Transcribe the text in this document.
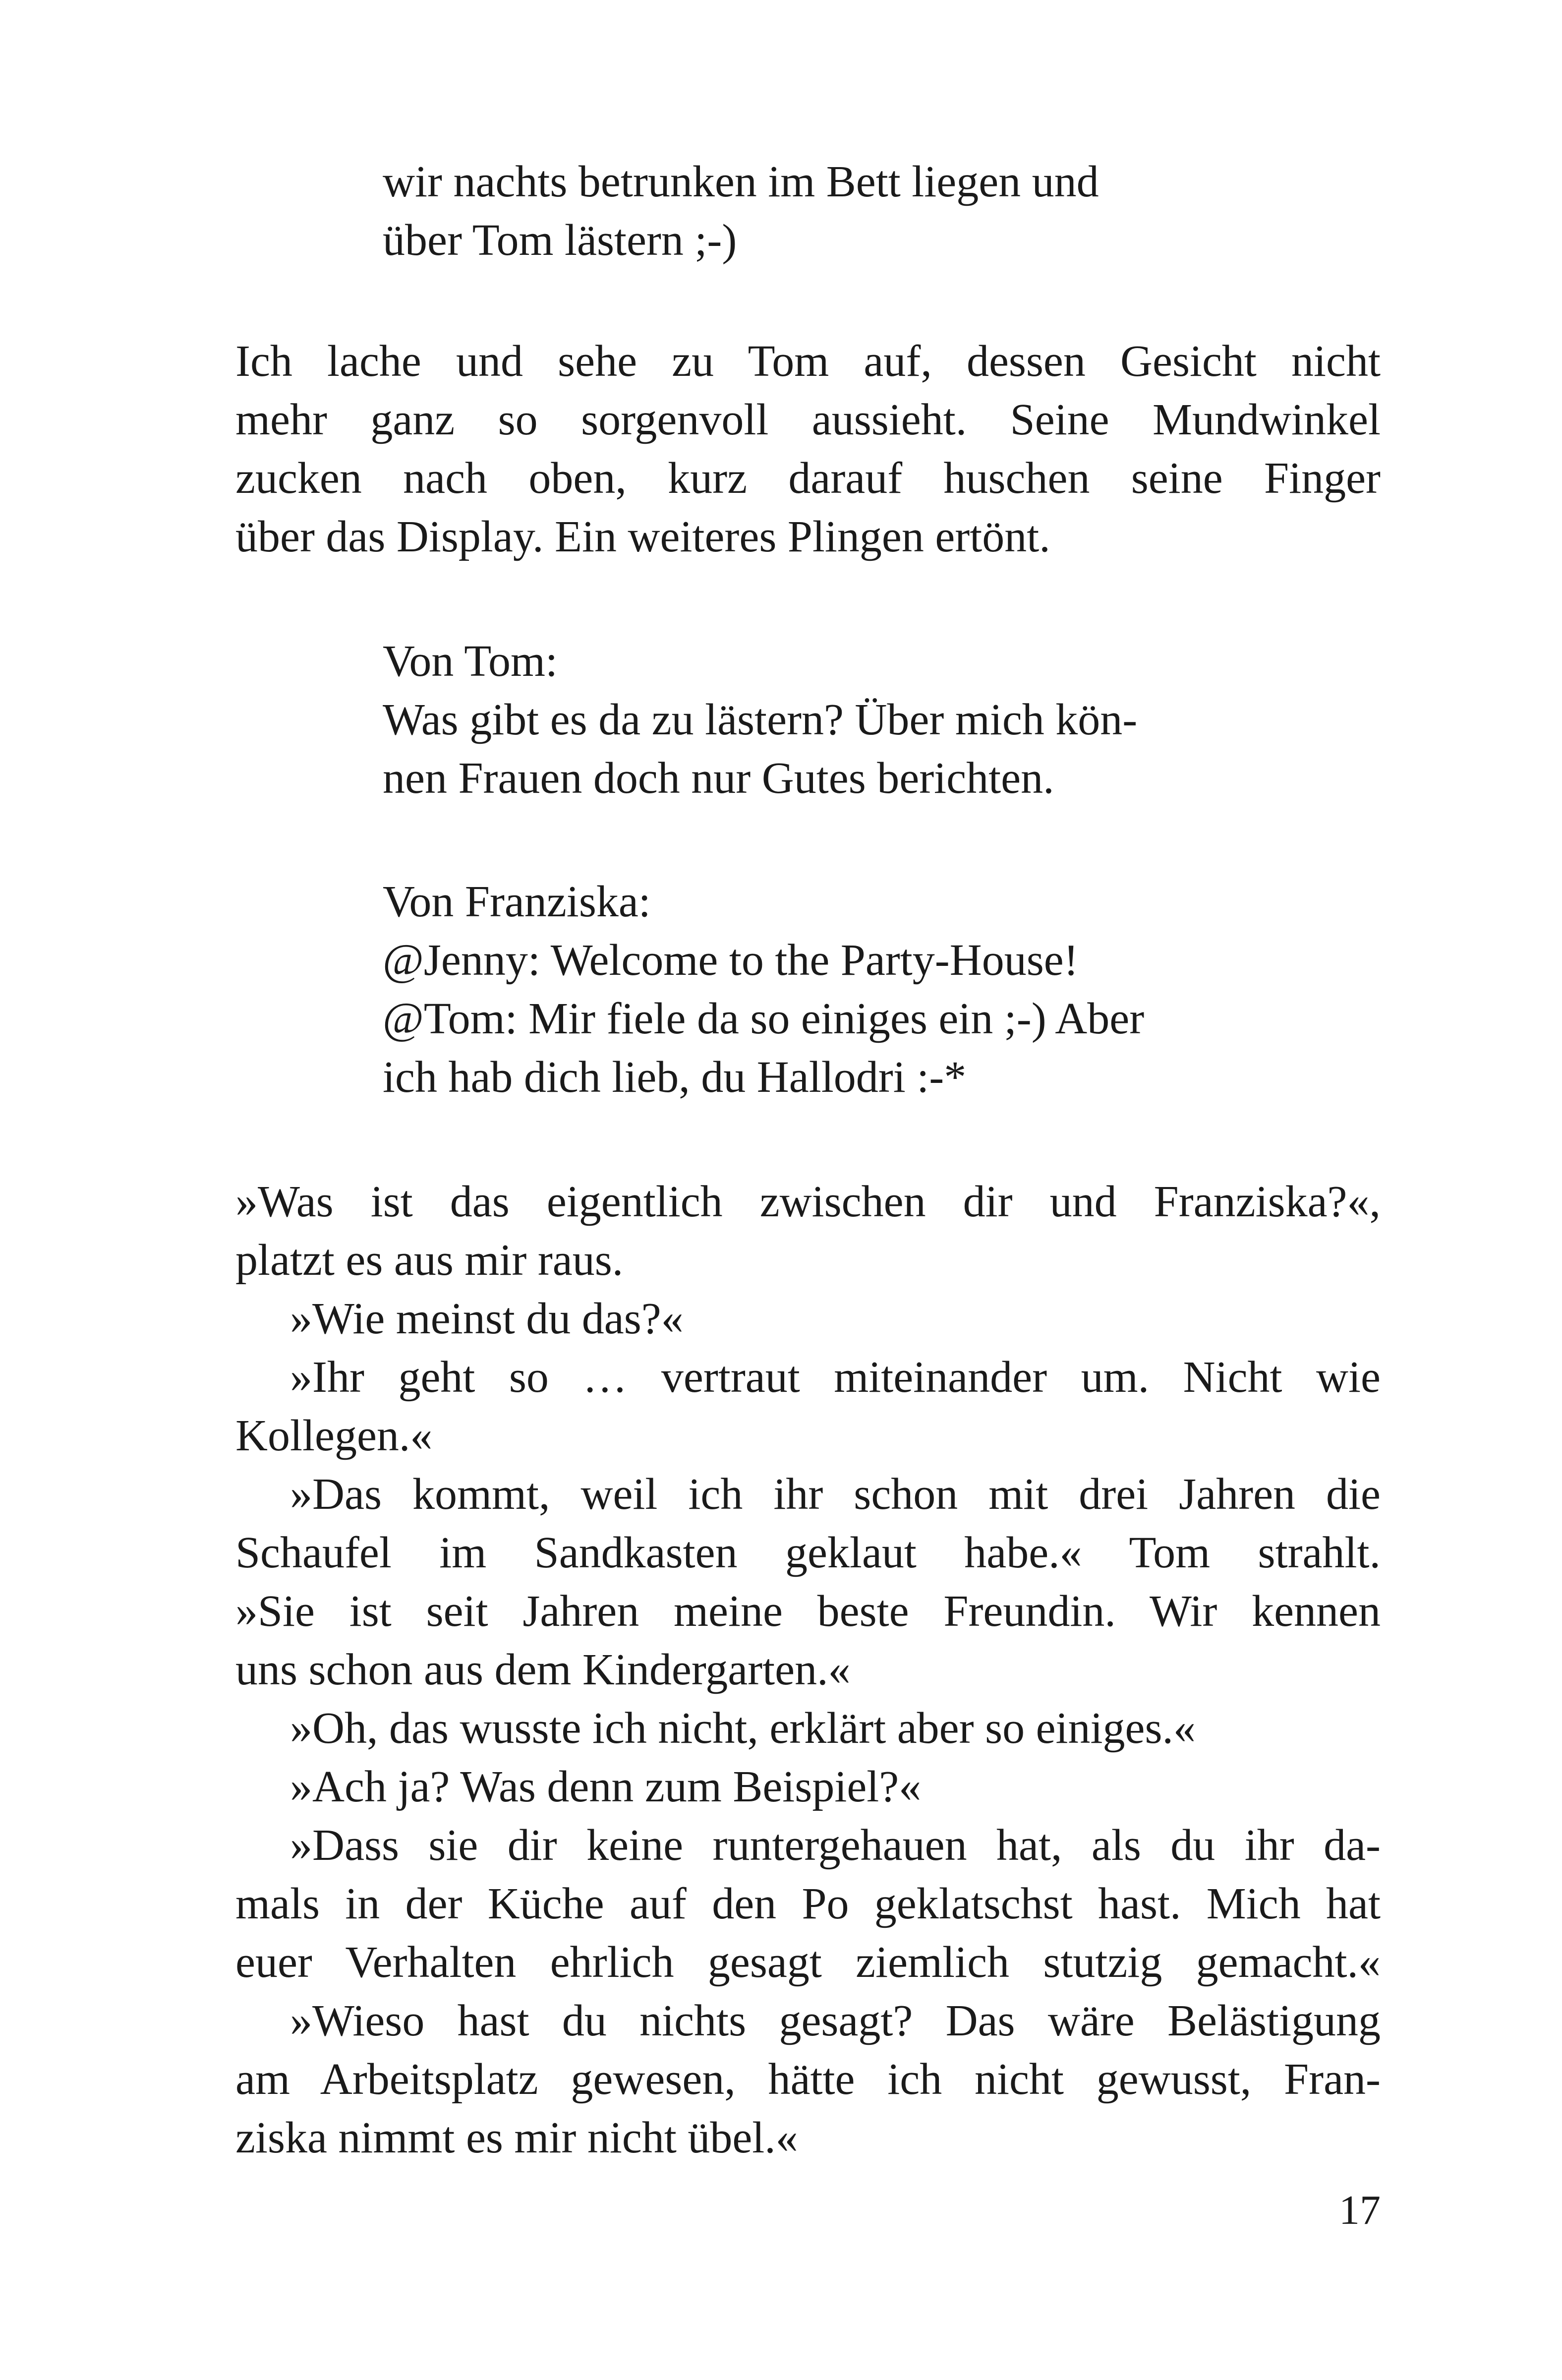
wir nachts betrunken im Bett liegen und
über Tom lästern ;-)
Ich lache und sehe zu Tom auf, dessen Gesicht nicht
mehr ganz so sorgenvoll aussieht. Seine Mundwinkel
zucken nach oben, kurz darauf huschen seine Finger
über das Display. Ein weiteres Plingen ertönt.
Von Tom:
Was gibt es da zu lästern? Über mich kön-
nen Frauen doch nur Gutes berichten.
Von Franziska:
@Jenny: Welcome to the Party-House!
@Tom: Mir fiele da so einiges ein ;-) Aber
ich hab dich lieb, du Hallodri :-*
»Was ist das eigentlich zwischen dir und Franziska?«,
platzt es aus mir raus.
»Wie meinst du das?«
»Ihr geht so … vertraut miteinander um. Nicht wie
Kollegen.«
»Das kommt, weil ich ihr schon mit drei Jahren die
Schaufel im Sandkasten geklaut habe.« Tom strahlt.
»Sie ist seit Jahren meine beste Freundin. Wir kennen
uns schon aus dem Kindergarten.«
»Oh, das wusste ich nicht, erklärt aber so einiges.«
»Ach ja? Was denn zum Beispiel?«
»Dass sie dir keine runtergehauen hat, als du ihr da-
mals in der Küche auf den Po geklatschst hast. Mich hat
euer Verhalten ehrlich gesagt ziemlich stutzig gemacht.«
»Wieso hast du nichts gesagt? Das wäre Belästigung
am Arbeitsplatz gewesen, hätte ich nicht gewusst, Fran-
ziska nimmt es mir nicht übel.«

17
